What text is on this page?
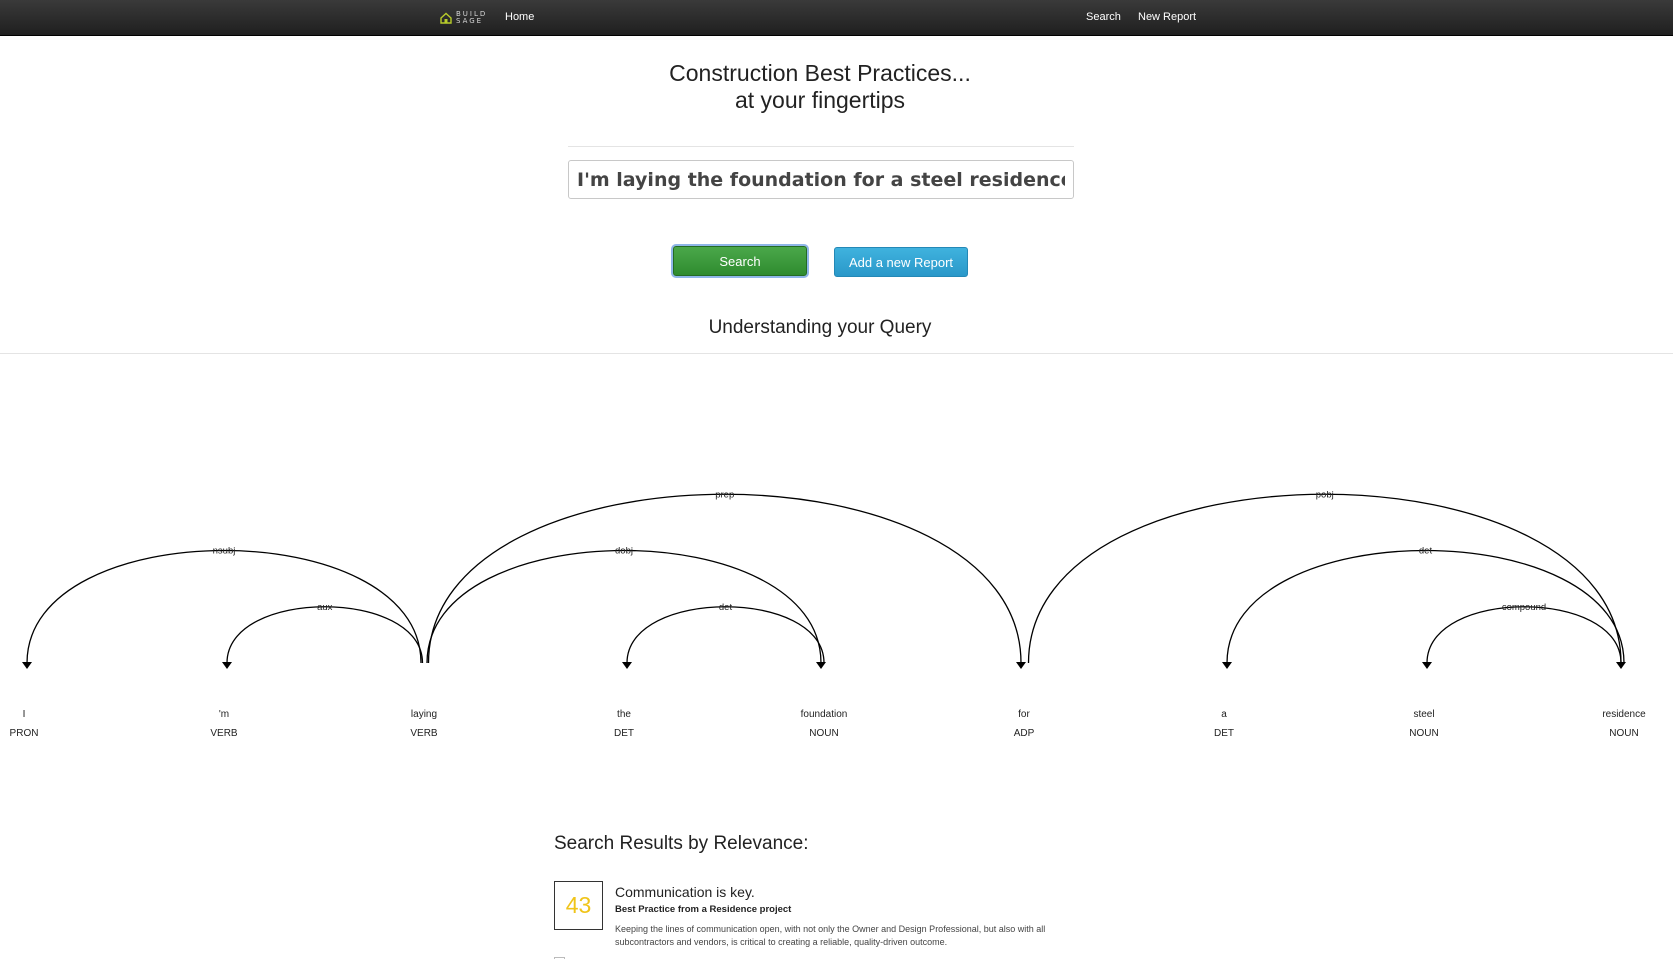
BUILD
SAGE	Home	Search New Report
Construction Best Practices...
at your fingertips
I'm laying the foundation for a steel residence
Search	Add a new Report
Understanding your Query
nsubj
aux	det
dobj
prep
det
compound
pobj
I
PRON
'm
VERB
laying
VERB
the
DET
foundation
NOUN
for
ADP
a
DET
steel
NOUN
residence
NOUN
Search Results by Relevance:
43	Communication is key.
Best Practice from a Residence project
Keeping the lines of communication open, with not only the Owner and Design Professional, but also with all subcontractors and vendors, is critical to creating a reliable, quality-driven outcome.
